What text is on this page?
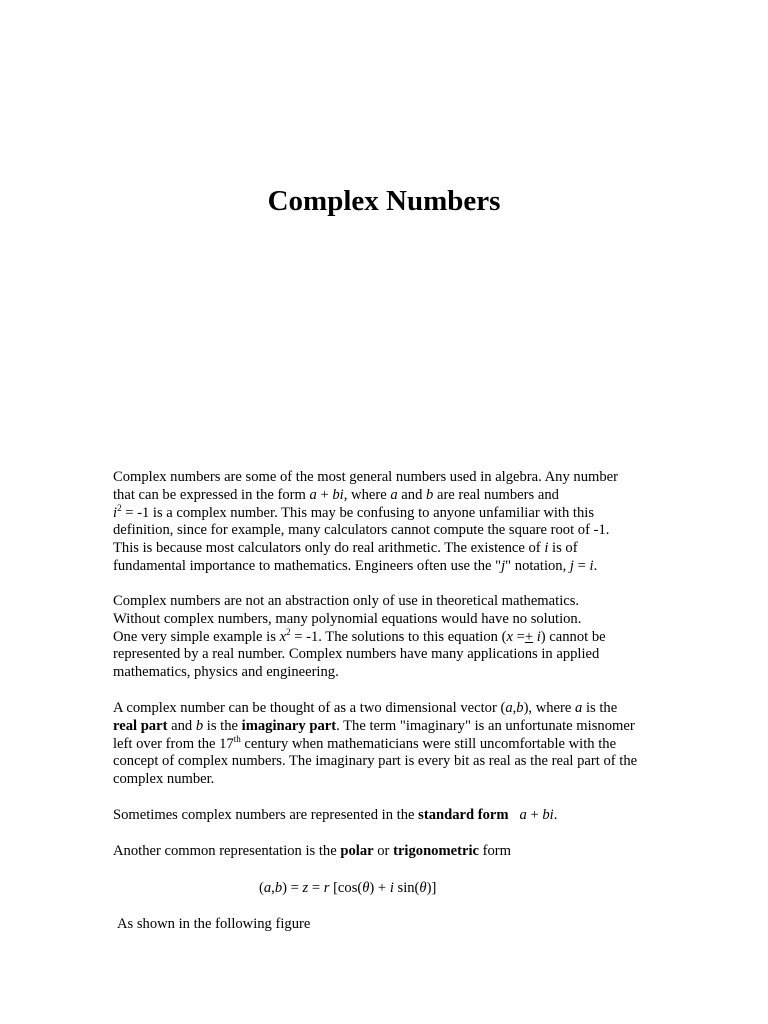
Complex Numbers
Complex numbers are some of the most general numbers used in algebra. Any number
that can be expressed in the form a + bi, where a and b are real numbers and
$i^2 = -1$ is a complex number. This may be confusing to anyone unfamiliar with this
definition, since for example, many calculators cannot compute the square root of -1.
This is because most calculators only do real arithmetic. The existence of i is of
fundamental importance to mathematics. Engineers often use the "j" notation, j = i.
Complex numbers are not an abstraction only of use in theoretical mathematics.
Without complex numbers, many polynomial equations would have no solution.
One very simple example is $x^2 = -1$. The solutions to this equation (x =+ i) cannot be
represented by a real number. Complex numbers have many applications in applied
mathematics, physics and engineering.
A complex number can be thought of as a two dimensional vector (a,b), where a is the
real part and b is the imaginary part. The term "imaginary" is an unfortunate misnomer
left over from the 17th century when mathematicians were still uncomfortable with the
concept of complex numbers. The imaginary part is every bit as real as the real part of the
complex number.
Sometimes complex numbers are represented in the standard form a + bi.
Another common representation is the polar or trigonometric form
(a,b) = z = r [cos(θ) + i sin(θ)]
As shown in the following figure
